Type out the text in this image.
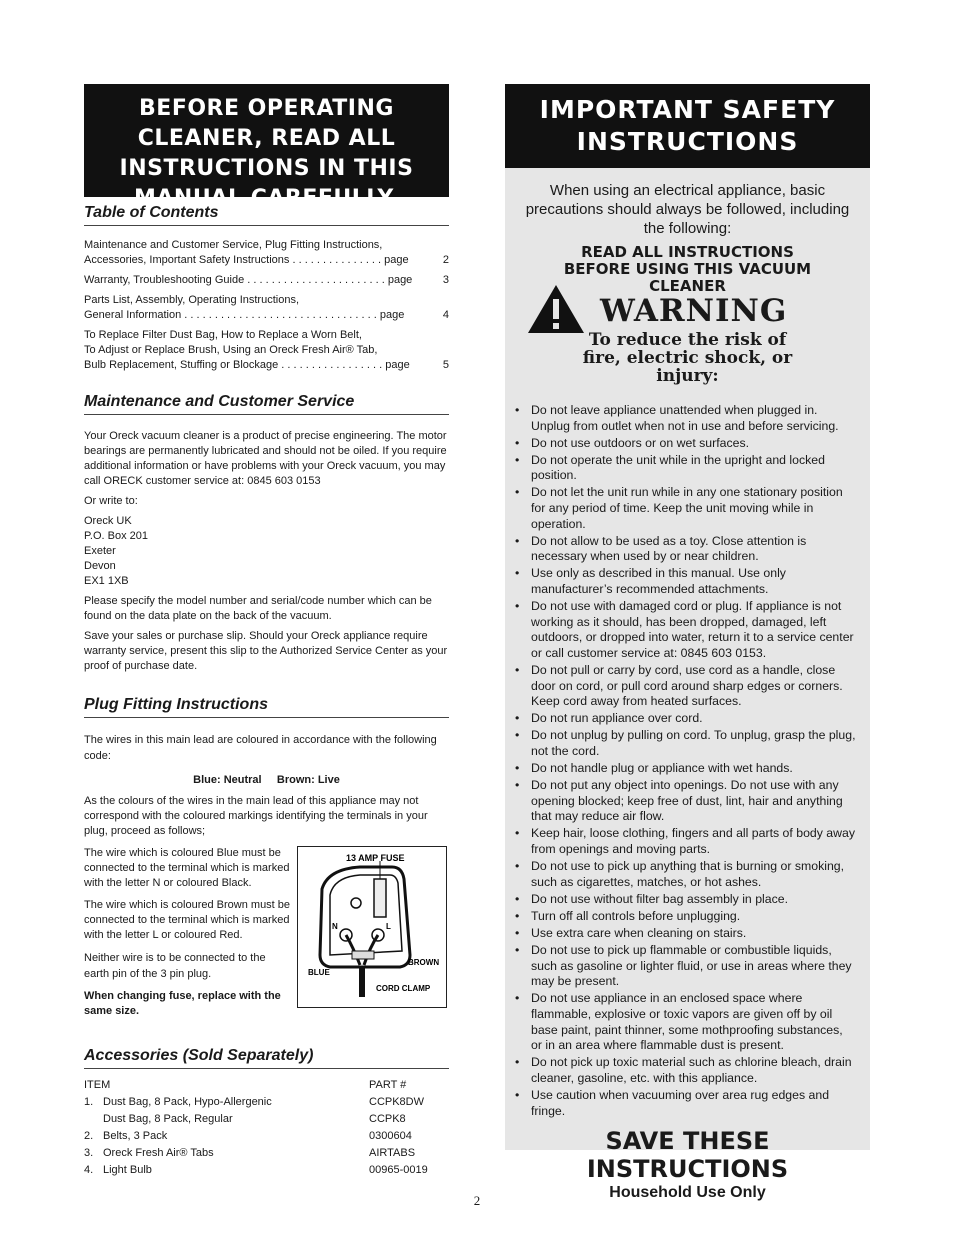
BEFORE OPERATING CLEANER, READ ALL INSTRUCTIONS IN THIS MANUAL CAREFULLY.
Table of Contents
Maintenance and Customer Service, Plug Fitting Instructions,
Accessories, Important Safety Instructions . . . . . . . . . . . . . . . page	2
Warranty, Troubleshooting Guide . . . . . . . . . . . . . . . . . . . . . . . page	3
Parts List, Assembly, Operating Instructions,
General Information . . . . . . . . . . . . . . . . . . . . . . . . . . . . . . . . page	4
To Replace Filter Dust Bag, How to Replace a Worn Belt,
To Adjust or Replace Brush, Using an Oreck Fresh Air® Tab,
Bulb Replacement, Stuffing or Blockage . . . . . . . . . . . . . . . . . page	5
Maintenance and Customer Service

Your Oreck vacuum cleaner is a product of precise engineering. The motor bearings are permanently lubricated and should not be oiled. If you require additional information or have problems with your Oreck vacuum, you may call ORECK customer service at: 0845 603 0153

Or write to:

Oreck UK
P.O. Box 201
Exeter
Devon
EX1 1XB

Please specify the model number and serial/code number which can be found on the data plate on the back of the vacuum.

Save your sales or purchase slip. Should your Oreck appliance require warranty service, present this slip to the Authorized Service Center as your proof of purchase date.

Plug Fitting Instructions

The wires in this main lead are coloured in accordance with the following code:

Blue: Neutral     Brown: Live

As the colours of the wires in the main lead of this appliance may not correspond with the coloured markings identifying the terminals in your plug, proceed as follows;

The wire which is coloured Blue must be connected to the terminal which is marked with the letter N or coloured Black.

The wire which is coloured Brown must be connected to the terminal which is marked with the letter L or coloured Red.

Neither wire is to be connected to the earth pin of the 3 pin plug.

When changing fuse, replace with the same size.

13 AMP FUSE
N	L
BLUE
BROWN
CORD CLAMP
Accessories (Sold Separately)
ITEM	PART #
1. Dust Bag, 8 Pack, Hypo-Allergenic	CCPK8DW
Dust Bag, 8 Pack, Regular	CCPK8
2. Belts, 3 Pack	0300604
3. Oreck Fresh Air® Tabs	AIRTABS
4. Light Bulb	00965-0019
IMPORTANT SAFETY INSTRUCTIONS
When using an electrical appliance, basic precautions should always be followed, including the following:
READ ALL INSTRUCTIONS BEFORE USING THIS VACUUM CLEANER
WARNING
To reduce the risk of fire, electric shock, or injury:
• Do not leave appliance unattended when plugged in. Unplug from outlet when not in use and before servicing.
• Do not use outdoors or on wet surfaces.
• Do not operate the unit while in the upright and locked position.
• Do not let the unit run while in any one stationary position for any period of time. Keep the unit moving while in operation.
• Do not allow to be used as a toy. Close attention is necessary when used by or near children.
• Use only as described in this manual. Use only manufacturer’s recommended attachments.
• Do not use with damaged cord or plug. If appliance is not working as it should, has been dropped, damaged, left outdoors, or dropped into water, return it to a service center or call customer service at: 0845 603 0153.
• Do not pull or carry by cord, use cord as a handle, close door on cord, or pull cord around sharp edges or corners. Keep cord away from heated surfaces.
• Do not run appliance over cord.
• Do not unplug by pulling on cord. To unplug, grasp the plug, not the cord.
• Do not handle plug or appliance with wet hands.
• Do not put any object into openings. Do not use with any opening blocked; keep free of dust, lint, hair and anything that may reduce air flow.
• Keep hair, loose clothing, fingers and all parts of body away from openings and moving parts.
• Do not use to pick up anything that is burning or smoking, such as cigarettes, matches, or hot ashes.
• Do not use without filter bag assembly in place.
• Turn off all controls before unplugging.
• Use extra care when cleaning on stairs.
• Do not use to pick up flammable or combustible liquids, such as gasoline or lighter fluid, or use in areas where they may be present.
• Do not use appliance in an enclosed space where flammable, explosive or toxic vapors are given off by oil base paint, paint thinner, some mothproofing substances, or in an area where flammable dust is present.
• Do not pick up toxic material such as chlorine bleach, drain cleaner, gasoline, etc. with this appliance.
• Use caution when vacuuming over area rug edges and fringe.
SAVE THESE INSTRUCTIONS
Household Use Only
2
